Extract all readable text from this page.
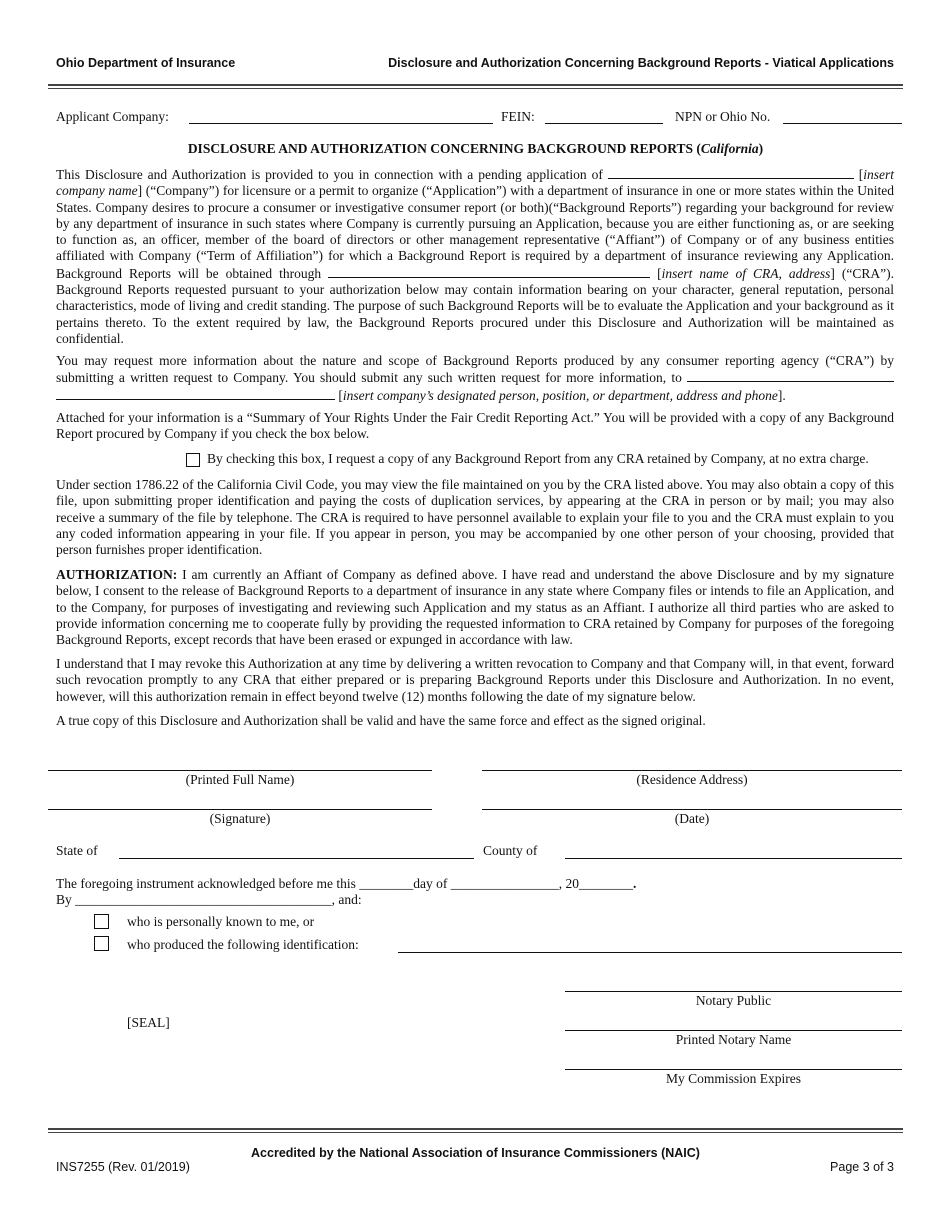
Ohio Department of Insurance	Disclosure and Authorization Concerning Background Reports - Viatical Applications
Applicant Company:	FEIN:	NPN or Ohio No.
DISCLOSURE AND AUTHORIZATION CONCERNING BACKGROUND REPORTS (California)

This Disclosure and Authorization is provided to you in connection with a pending application of	[insert company name] (“Company”) for licensure or a permit to organize (“Application”) with a department of insurance in one or more states within the United States. Company desires to procure a consumer or investigative consumer report (or both)(“Background Reports”) regarding your background for review by any department of insurance in such states where Company is currently pursuing an Application, because you are either functioning as, or are seeking to function as, an officer, member of the board of directors or other management representative (“Affiant”) of Company or of any business entities affiliated with Company (“Term of Affiliation”) for which a Background Report is required by a department of insurance reviewing any Application. Background Reports will be obtained through	[insert name of CRA, address] (“CRA”). Background Reports requested pursuant to your authorization below may contain information bearing on your character, general reputation, personal characteristics, mode of living and credit standing. The purpose of such Background Reports will be to evaluate the Application and your background as it pertains thereto. To the extent required by law, the Background Reports procured under this Disclosure and Authorization will be maintained as confidential.

You may request more information about the nature and scope of Background Reports produced by any consumer reporting agency (“CRA”) by submitting a written request to Company. You should submit any such written request for more information, to   [insert company’s designated person, position, or department, address and phone].

Attached for your information is a “Summary of Your Rights Under the Fair Credit Reporting Act.” You will be provided with a copy of any Background Report procured by Company if you check the box below.

By checking this box, I request a copy of any Background Report from any CRA retained by Company, at no extra charge.

Under section 1786.22 of the California Civil Code, you may view the file maintained on you by the CRA listed above. You may also obtain a copy of this file, upon submitting proper identification and paying the costs of duplication services, by appearing at the CRA in person or by mail; you may also receive a summary of the file by telephone. The CRA is required to have personnel available to explain your file to you and the CRA must explain to you any coded information appearing in your file. If you appear in person, you may be accompanied by one other person of your choosing, provided that person furnishes proper identification.

AUTHORIZATION: I am currently an Affiant of Company as defined above. I have read and understand the above Disclosure and by my signature below, I consent to the release of Background Reports to a department of insurance in any state where Company files or intends to file an Application, and to the Company, for purposes of investigating and reviewing such Application and my status as an Affiant. I authorize all third parties who are asked to provide information concerning me to cooperate fully by providing the requested information to CRA retained by Company for purposes of the foregoing Background Reports, except records that have been erased or expunged in accordance with law.

I understand that I may revoke this Authorization at any time by delivering a written revocation to Company and that Company will, in that event, forward such revocation promptly to any CRA that either prepared or is preparing Background Reports under this Disclosure and Authorization. In no event, however, will this authorization remain in effect beyond twelve (12) months following the date of my signature below.

A true copy of this Disclosure and Authorization shall be valid and have the same force and effect as the signed original.

(Printed Full Name)	(Residence Address)
(Signature)	(Date)
State of	County of
The foregoing instrument acknowledged before me this ________day of ________________, 20________.
By ______________________________________, and:
who is personally known to me, or
who produced the following identification:
Notary Public
[SEAL]
Printed Notary Name
My Commission Expires
Accredited by the National Association of Insurance Commissioners (NAIC)
INS7255 (Rev. 01/2019)	Page 3 of 3
